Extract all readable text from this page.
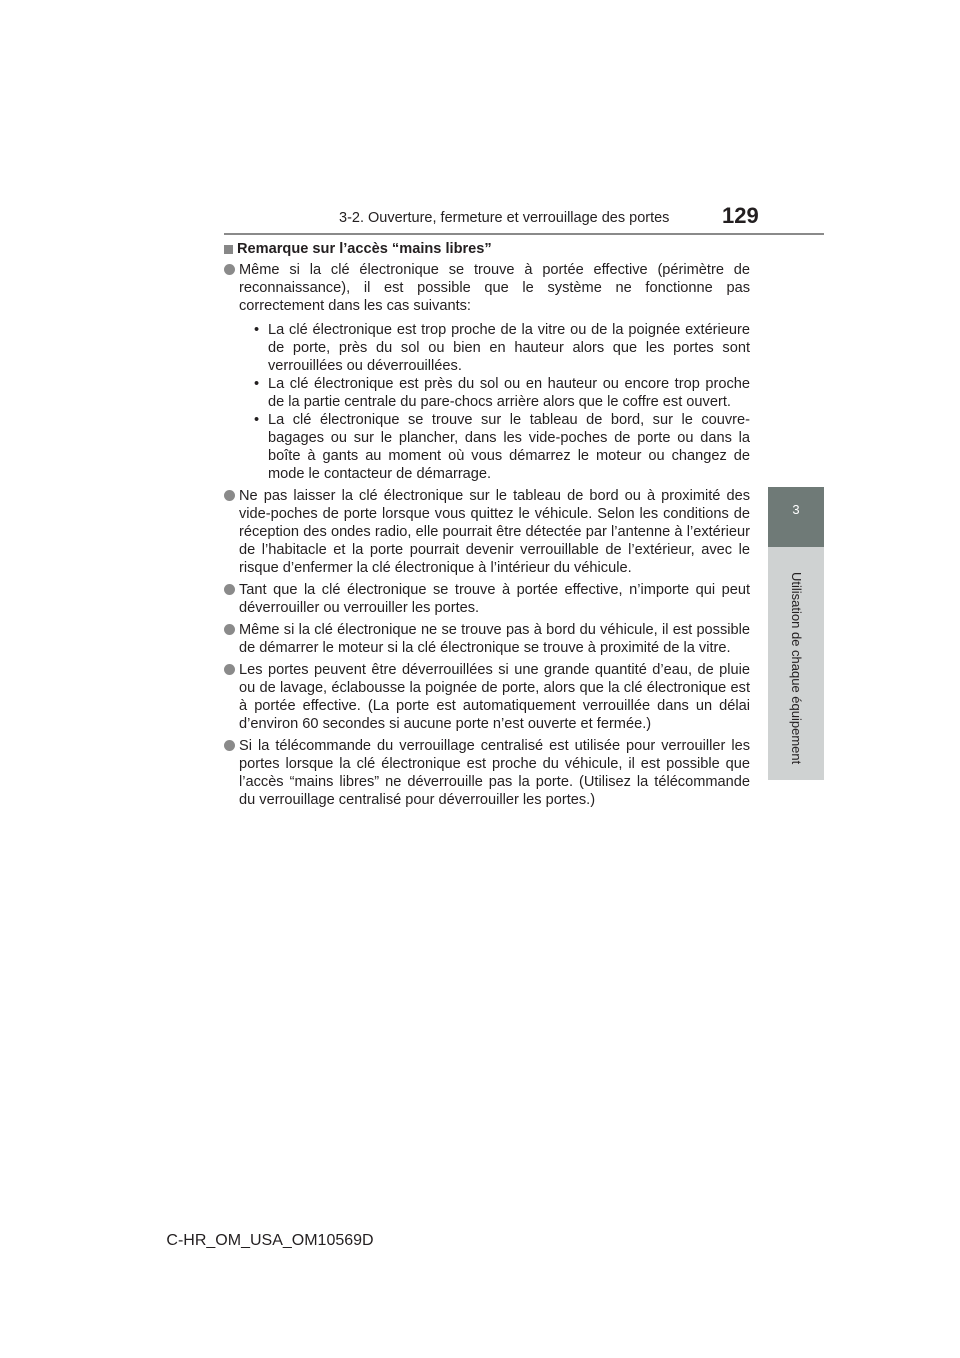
3-2. Ouverture, fermeture et verrouillage des portes 129
3
Utilisation de chaque équipement
Remarque sur l’accès “mains libres”
Même si la clé électronique se trouve à portée effective (périmètre de reconnaissance), il est possible que le système ne fonctionne pas correctement dans les cas suivants:
• La clé électronique est trop proche de la vitre ou de la poignée extérieure de porte, près du sol ou bien en hauteur alors que les portes sont verrouillées ou déverrouillées.
• La clé électronique est près du sol ou en hauteur ou encore trop proche de la partie centrale du pare-chocs arrière alors que le coffre est ouvert.
• La clé électronique se trouve sur le tableau de bord, sur le couvre-bagages ou sur le plancher, dans les vide-poches de porte ou dans la boîte à gants au moment où vous démarrez le moteur ou changez de mode le contacteur de démarrage.
Ne pas laisser la clé électronique sur le tableau de bord ou à proximité des vide-poches de porte lorsque vous quittez le véhicule. Selon les conditions de réception des ondes radio, elle pourrait être détectée par l’antenne à l’extérieur de l’habitacle et la porte pourrait devenir verrouillable de l’extérieur, avec le risque d’enfermer la clé électronique à l’intérieur du véhicule.
Tant que la clé électronique se trouve à portée effective, n’importe qui peut déverrouiller ou verrouiller les portes.
Même si la clé électronique ne se trouve pas à bord du véhicule, il est possible de démarrer le moteur si la clé électronique se trouve à proximité de la vitre.
Les portes peuvent être déverrouillées si une grande quantité d’eau, de pluie ou de lavage, éclabousse la poignée de porte, alors que la clé électronique est à portée effective. (La porte est automatiquement verrouillée dans un délai d’environ 60 secondes si aucune porte n’est ouverte et fermée.)
Si la télécommande du verrouillage centralisé est utilisée pour verrouiller les portes lorsque la clé électronique est proche du véhicule, il est possible que l’accès “mains libres” ne déverrouille pas la porte. (Utilisez la télécommande du verrouillage centralisé pour déverrouiller les portes.)
C-HR_OM_USA_OM10569D
